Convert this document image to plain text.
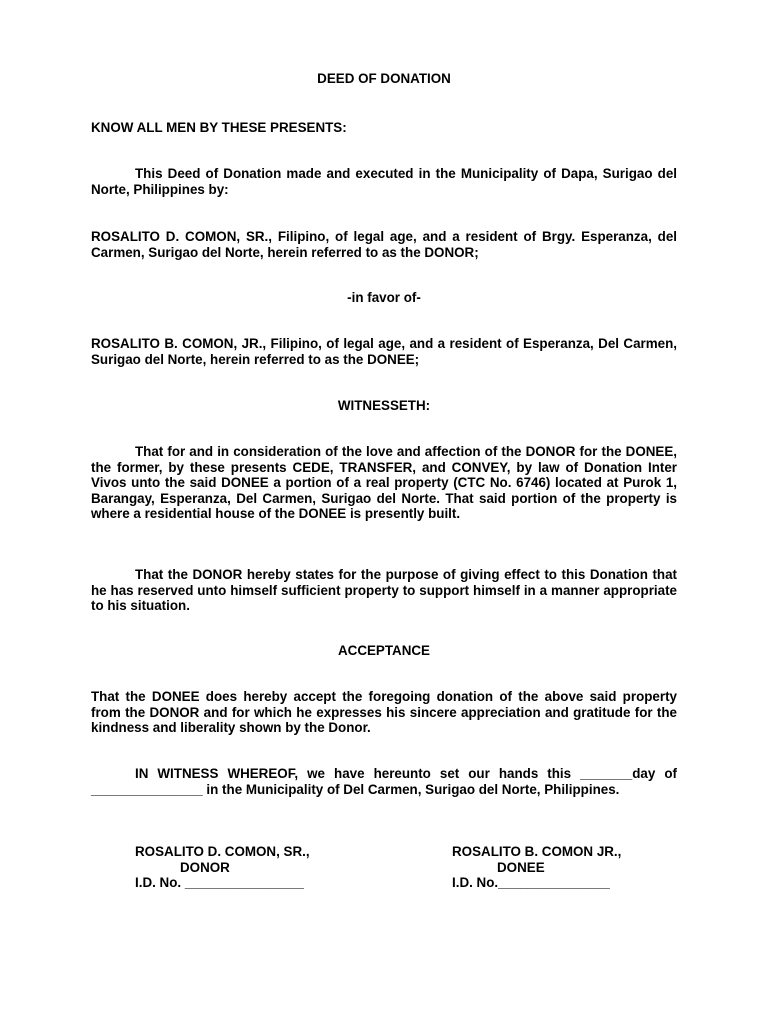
DEED OF DONATION

KNOW ALL MEN BY THESE PRESENTS:

This Deed of Donation made and executed in the Municipality of Dapa, Surigao del Norte, Philippines by:

ROSALITO D. COMON, SR., Filipino, of legal age, and a resident of Brgy. Esperanza, del Carmen, Surigao del Norte, herein referred to as the DONOR;

-in favor of-

ROSALITO B. COMON, JR., Filipino, of legal age, and a resident of Esperanza, Del Carmen, Surigao del Norte, herein referred to as the DONEE;

WITNESSETH:

That for and in consideration of the love and affection of the DONOR for the DONEE, the former, by these presents CEDE, TRANSFER, and CONVEY, by law of Donation Inter Vivos unto the said DONEE a portion of a real property (CTC No. 6746) located at Purok 1, Barangay, Esperanza, Del Carmen, Surigao del Norte. That said portion of the property is where a residential house of the DONEE is presently built.

That the DONOR hereby states for the purpose of giving effect to this Donation that he has reserved unto himself sufficient property to support himself in a manner appropriate to his situation.

ACCEPTANCE

That the DONEE does hereby accept the foregoing donation of the above said property from the DONOR and for which he expresses his sincere appreciation and gratitude for the kindness and liberality shown by the Donor.

IN WITNESS WHEREOF, we have hereunto set our hands this _______day of _______________ in the Municipality of Del Carmen, Surigao del Norte, Philippines.

ROSALITO D. COMON, SR.,
DONOR
I.D. No. ________________
ROSALITO B. COMON JR.,
DONEE
I.D. No._______________
